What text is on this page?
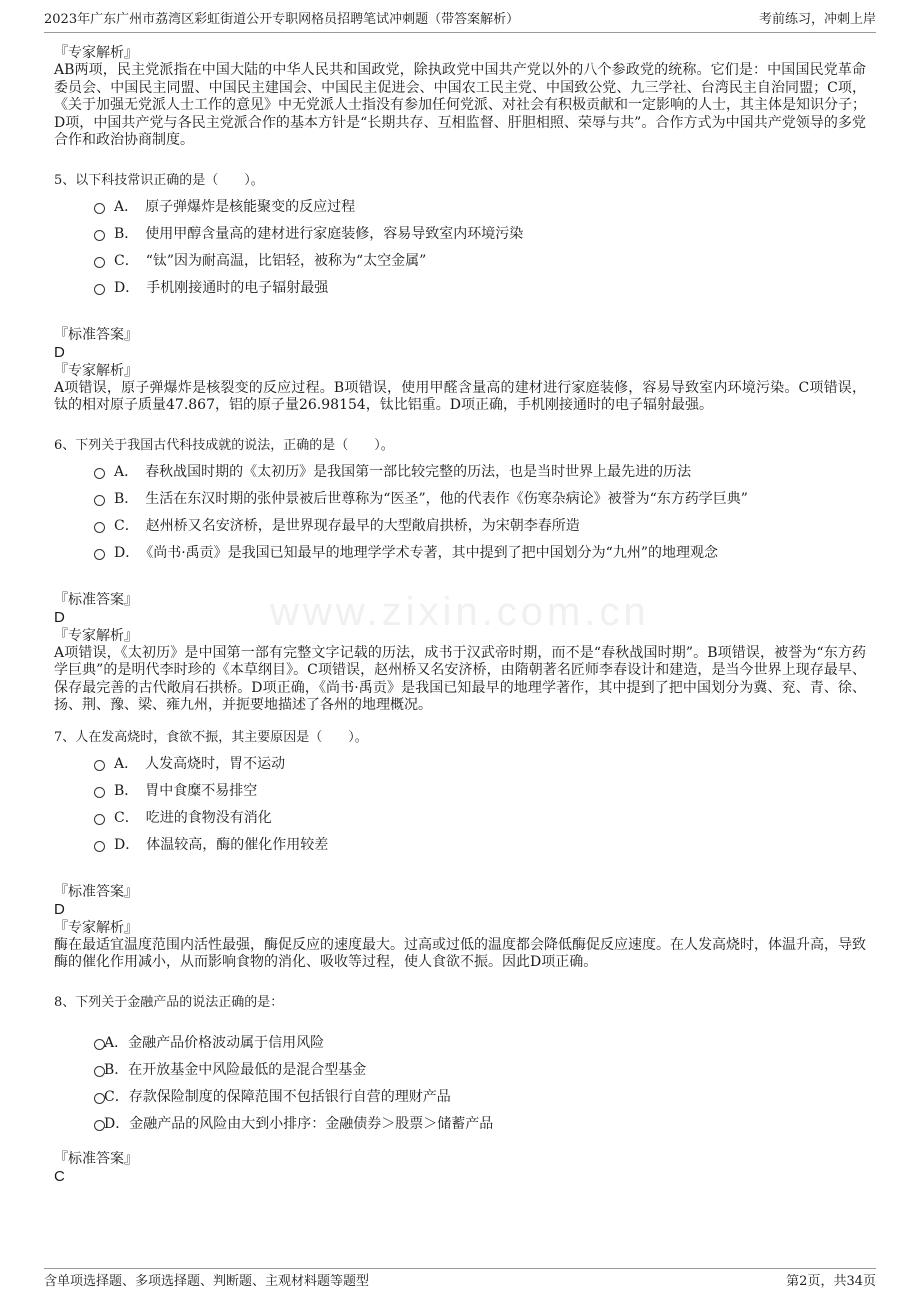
2023年广东广州市荔湾区彩虹街道公开专职网格员招聘笔试冲刺题（带答案解析）	考前练习，冲刺上岸
www.zixin.com.cn

『专家解析』

AB两项，民主党派指在中国大陆的中华人民共和国政党，除执政党中国共产党以外的八个参政党的统称。它们是：中国国民党革命委员会、中国民主同盟、中国民主建国会、中国民主促进会、中国农工民主党、中国致公党、九三学社、台湾民主自治同盟；C项，《关于加强无党派人士工作的意见》中无党派人士指没有参加任何党派、对社会有积极贡献和一定影响的人士，其主体是知识分子；D项，中国共产党与各民主党派合作的基本方针是“长期共存、互相监督、肝胆相照、荣辱与共”。合作方式为中国共产党领导的多党合作和政治协商制度。

5、以下科技常识正确的是（　　）。

A．　原子弹爆炸是核能聚变的反应过程
B．　使用甲醇含量高的建材进行家庭装修，容易导致室内环境污染
C．　“钛”因为耐高温，比铝轻，被称为“太空金属”
D．　手机刚接通时的电子辐射最强

『标准答案』

D

『专家解析』

A项错误，原子弹爆炸是核裂变的反应过程。B项错误，使用甲醛含量高的建材进行家庭装修，容易导致室内环境污染。C项错误，钛的相对原子质量47.867，铝的原子量26.98154，钛比铝重。D项正确，手机刚接通时的电子辐射最强。

6、下列关于我国古代科技成就的说法，正确的是（　　）。

A．　春秋战国时期的《太初历》是我国第一部比较完整的历法，也是当时世界上最先进的历法
B．　生活在东汉时期的张仲景被后世尊称为“医圣”，他的代表作《伤寒杂病论》被誉为“东方药学巨典”
C．　赵州桥又名安济桥，是世界现存最早的大型敞肩拱桥，为宋朝李春所造
D．　《尚书·禹贡》是我国已知最早的地理学学术专著，其中提到了把中国划分为“九州”的地理观念

『标准答案』

D

『专家解析』

A项错误，《太初历》是中国第一部有完整文字记载的历法，成书于汉武帝时期，而不是“春秋战国时期”。B项错误，被誉为“东方药学巨典”的是明代李时珍的《本草纲目》。C项错误，赵州桥又名安济桥，由隋朝著名匠师李春设计和建造，是当今世界上现存最早、保存最完善的古代敞肩石拱桥。D项正确，《尚书·禹贡》是我国已知最早的地理学著作，其中提到了把中国划分为冀、兖、青、徐、扬、荆、豫、梁、雍九州，并扼要地描述了各州的地理概况。

7、人在发高烧时，食欲不振，其主要原因是（　　）。

A．　人发高烧时，胃不运动
B．　胃中食糜不易排空
C．　吃进的食物没有消化
D．　体温较高，酶的催化作用较差

『标准答案』

D

『专家解析』

酶在最适宜温度范围内活性最强，酶促反应的速度最大。过高或过低的温度都会降低酶促反应速度。在人发高烧时，体温升高，导致酶的催化作用减小，从而影响食物的消化、吸收等过程，使人食欲不振。因此D项正确。

8、下列关于金融产品的说法正确的是：

A．金融产品价格波动属于信用风险
B．在开放基金中风险最低的是混合型基金
C．存款保险制度的保障范围不包括银行自营的理财产品
D．金融产品的风险由大到小排序：金融债券＞股票＞储蓄产品

『标准答案』

C

含单项选择题、多项选择题、判断题、主观材料题等题型	第2页，共34页
